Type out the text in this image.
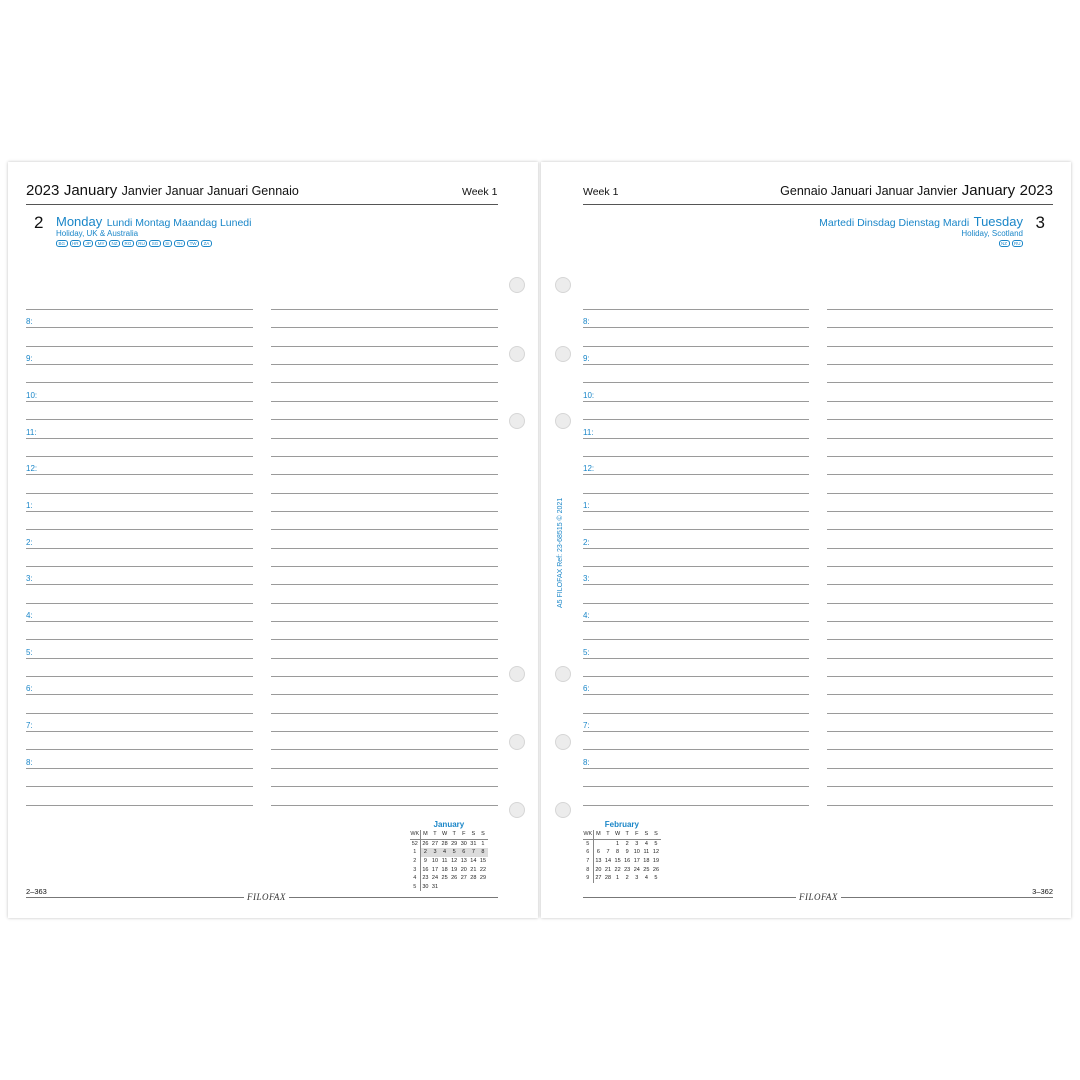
2023 January Janvier Januar Januari Gennaio	Week 1
2 Monday Lundi Montag Maandag Lunedi
Holiday, UK & Australia
BG	HR	JP	MY	NZ	RO	RU	SG	SI	TH	TW	ZA
8:
9:
10:
11:
12:
1:
2:
3:
4:
5:
6:
7:
8:
January
WK	M	T	W	T	F	S	S
52	26	27	28	29	30	31	1
1	2	3	4	5	6	7	8
2	9	10	11	12	13	14	15
3	16	17	18	19	20	21	22
4	23	24	25	26	27	28	29
5	30	31					
2–363
FILOFAX
Week 1	Gennaio Januari Januar Janvier January 2023
Martedi Dinsdag Dienstag Mardi Tuesday 3
Holiday, Scotland
NZ	RU
8:
9:
10:
11:
12:
1:
2:
3:
4:
5:
6:
7:
8:
February
WK	M	T	W	T	F	S	S
5			1	2	3	4	5
6	6	7	8	9	10	11	12
7	13	14	15	16	17	18	19
8	20	21	22	23	24	25	26
9	27	28	1	2	3	4	5
FILOFAX
3–362
A5 FILOFAX Ref: 23-68515 © 2021
